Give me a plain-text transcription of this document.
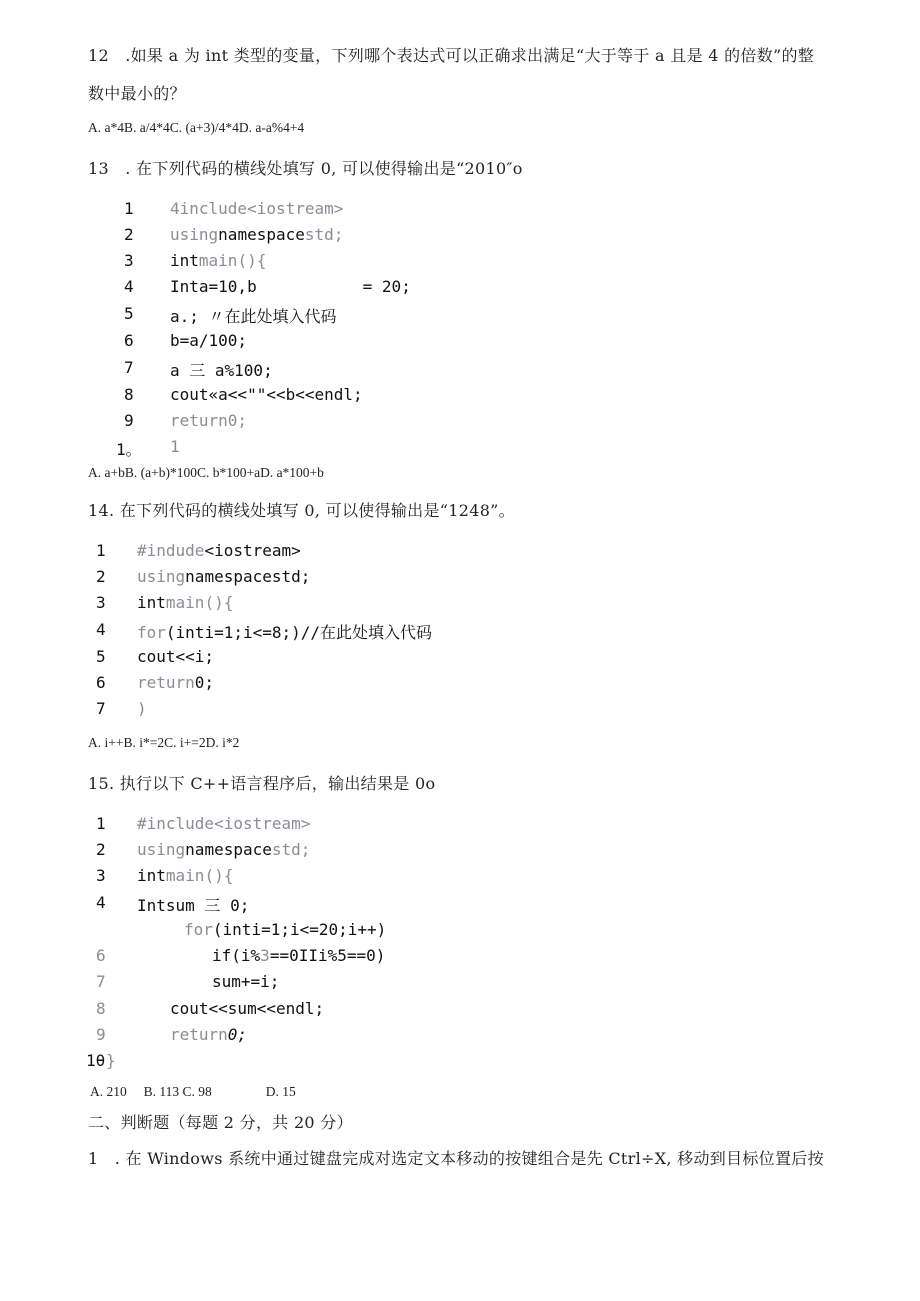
12　.如果 a 为 int 类型的变量，下列哪个表达式可以正确求出满足“大于等于 a 且是 4 的倍数”的整
数中最小的？
A. a*4B. a/4*4C. (a+3)/4*4D. a-a%4+4
13　. 在下列代码的横线处填写 0, 可以使得输出是“2010″o
1 4include<iostream>
2 usingnamespacestd;
3 intmain(){
4 Inta=10,b           = 20;
5 a.; 〃在此处填入代码
6 b=a/100;
7 a 三 a%100;
8 cout«a<<""<<b<<endl;
9 return0;
1。 1
A. a+bB. (a+b)*100C. b*100+aD. a*100+b
14. 在下列代码的横线处填写 0, 可以使得输出是“1248”。
1 #indude<iostream>
2 usingnamespacestd;
3 intmain(){
4 for(inti=1;i<=8;)//在此处填入代码
5 cout<<i;
6 return0;
7 )
A. i++B. i*=2C. i+=2D. i*2
15. 执行以下 C++语言程序后，输出结果是 0o
1 #include<iostream>
2 usingnamespacestd;
3 intmain(){
4 Intsum 三 0;
for(inti=1;i<=20;i++)
6	if(i%3==0IIi%5==0)
7	sum+=i;
8	cout<<sum<<endl;
9	return0;
1θ }
A. 210　 B. 113 C. 98　　　　D. 15
二、判断题（每题 2 分，共 20 分）
1　. 在 Windows 系统中通过键盘完成对选定文本移动的按键组合是先 Ctrl÷X, 移动到目标位置后按
